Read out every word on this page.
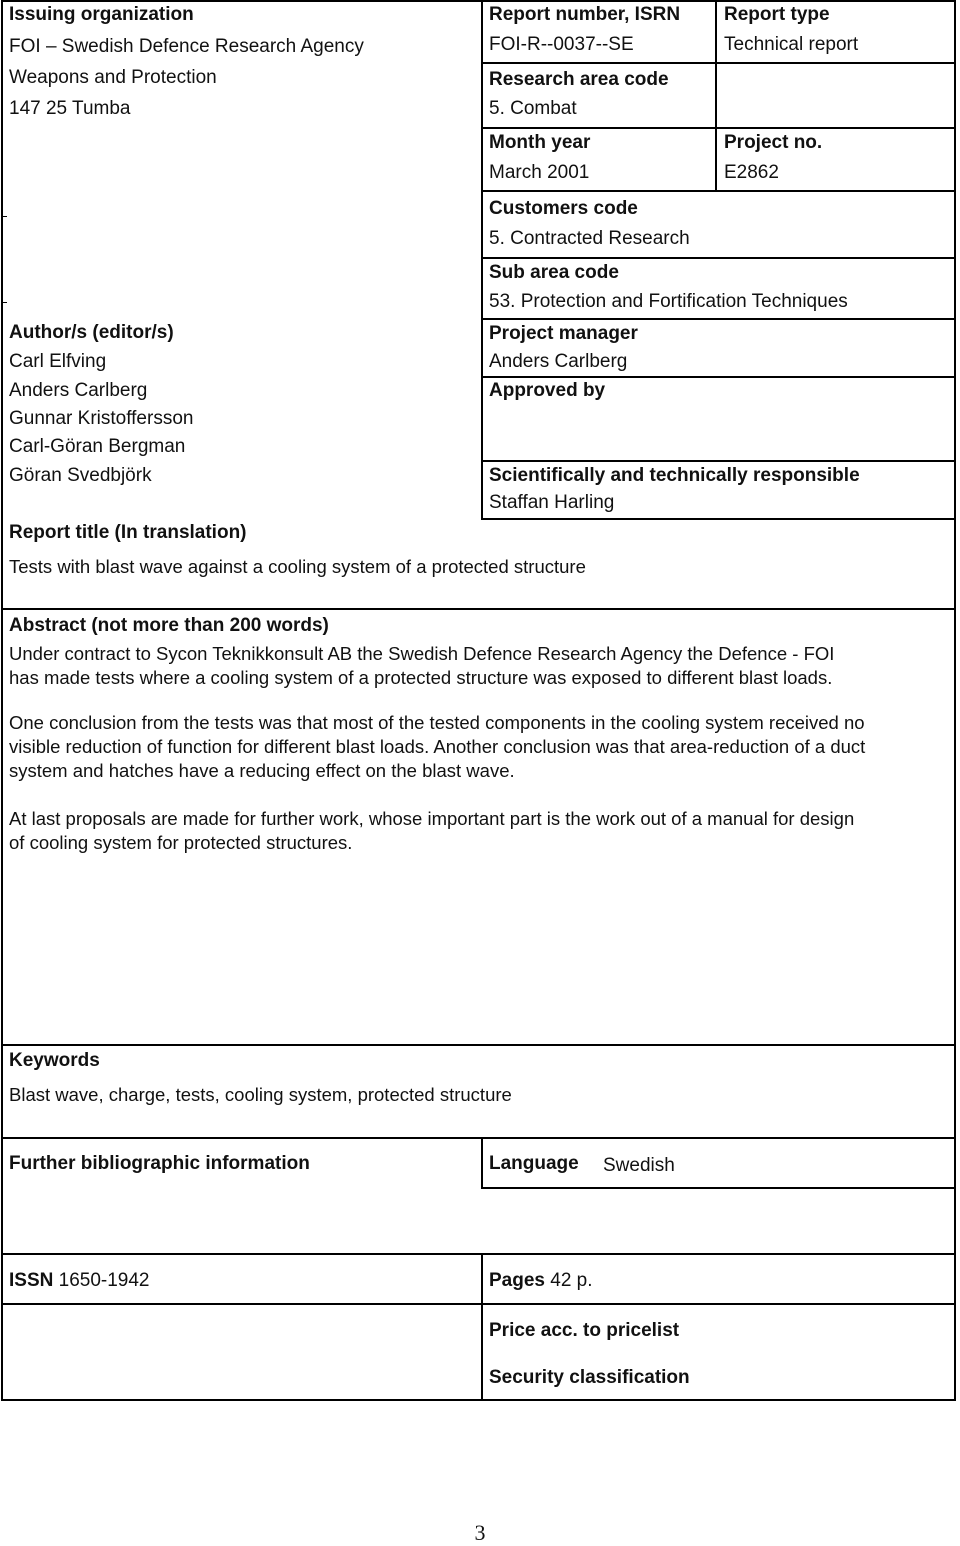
Issuing organization
FOI – Swedish Defence Research Agency
Weapons and Protection
147 25 Tumba
Report number, ISRN
FOI-R--0037--SE
Report type
Technical report
Research area code
5. Combat
Month year
March 2001
Project no.
E2862
Customers code
5. Contracted Research
Sub area code
53. Protection and Fortification Techniques
Author/s (editor/s)
Carl Elfving
Anders Carlberg
Gunnar Kristoffersson
Carl-Göran Bergman
Göran Svedbjörk
Project manager
Anders Carlberg
Approved by
Scientifically and technically responsible
Staffan Harling
Report title (In translation)
Tests with blast wave against a cooling system of a protected structure
Abstract (not more than 200 words)
Under contract to Sycon Teknikkonsult AB the Swedish Defence Research Agency the Defence - FOI
has made tests where a cooling system of a protected structure was exposed to different blast loads.
One conclusion from the tests was that most of the tested components in the cooling system received no
visible reduction of function for different blast loads. Another conclusion was that area-reduction of a duct
system and hatches have a reducing effect on the blast wave.
At last proposals are made for further work, whose important part is the work out of a manual for design
of cooling system for protected structures.
Keywords
Blast wave, charge, tests, cooling system, protected structure
Further bibliographic information	Language Swedish
ISSN 1650-1942	Pages 42 p.
Price acc. to pricelist
Security classification
3
